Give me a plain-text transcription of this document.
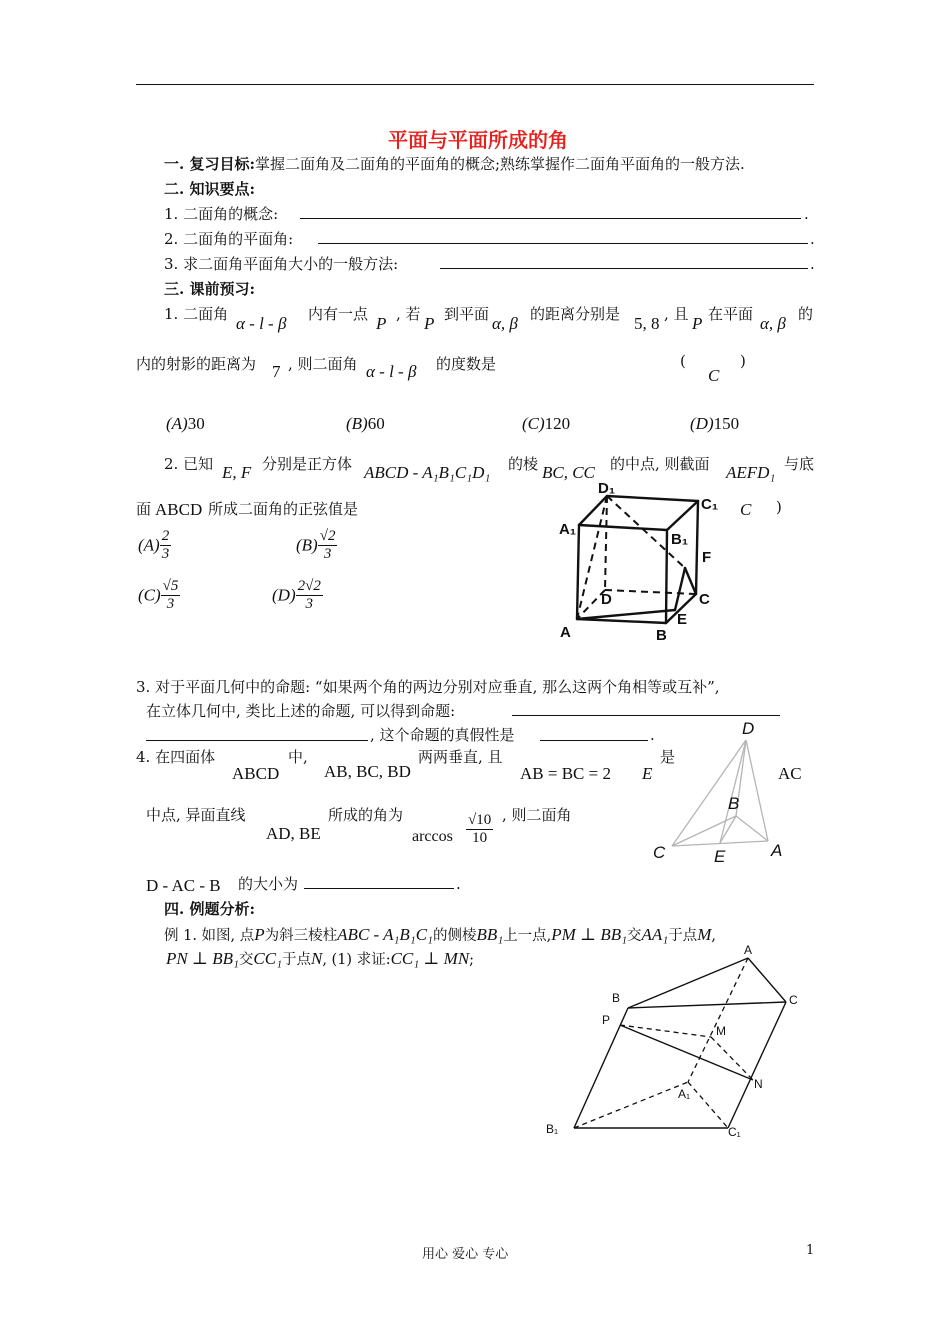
平面与平面所成的角
一. 复习目标:掌握二面角及二面角的平面角的概念;熟练掌握作二面角平面角的一般方法.
二. 知识要点:
1. 二面角的概念:	.
2. 二面角的平面角:	.
3. 求二面角平面角大小的一般方法:	.
三. 课前预习:
1. 二面角 α - l - β 内有一点 P , 若 P 到平面 α, β 的距离分别是 5, 8 , 且 P 在平面 α, β 的
内的射影的距离为 7 , 则二面角 α - l - β 的度数是	(
C
)
(A)30	(B)60	(C)120	(D)150
2. 已知 E, F 分别是正方体 ABCD - A₁B₁C₁D₁ 的棱 BC, CC 的中点, 则截面 AEFD₁ 与底
面 ABCD 所成二面角的正弦值是	C )
$(A) \frac{2}{3}$	$(B) \frac{√2}{3}$
$(C) \frac{√5}{3}$	$(D) \frac{2√2}{3}$
D₁
C₁
A₁
B₁
F
D	C
A	B
E
3. 对于平面几何中的命题: “如果两个角的两边分别对应垂直, 那么这两个角相等或互补”,
在立体几何中, 类比上述的命题, 可以得到命题:
, 这个命题的真假性是	.
4. 在四面体
ABCD
中,
AB, BC, BD
两两垂直, 且
AB = BC = 2 E
是
AC
中点, 异面直线
AD, BE
所成的角为
$\arccos \frac{√10}{10}$ , 则二面角
D - AC - B 的大小为	.
D
B
C	E	A
四. 例题分析:
例 1. 如图, 点P为斜三棱柱ABC - A₁B₁C₁的侧棱BB₁上一点,PM ⊥ BB₁交AA₁于点M,
PN ⊥ BB₁交CC₁于点N, (1) 求证:CC₁ ⊥ MN;
A
B	C
P
M
N
A₁
B₁	C₁
用心 爱心 专心	1
